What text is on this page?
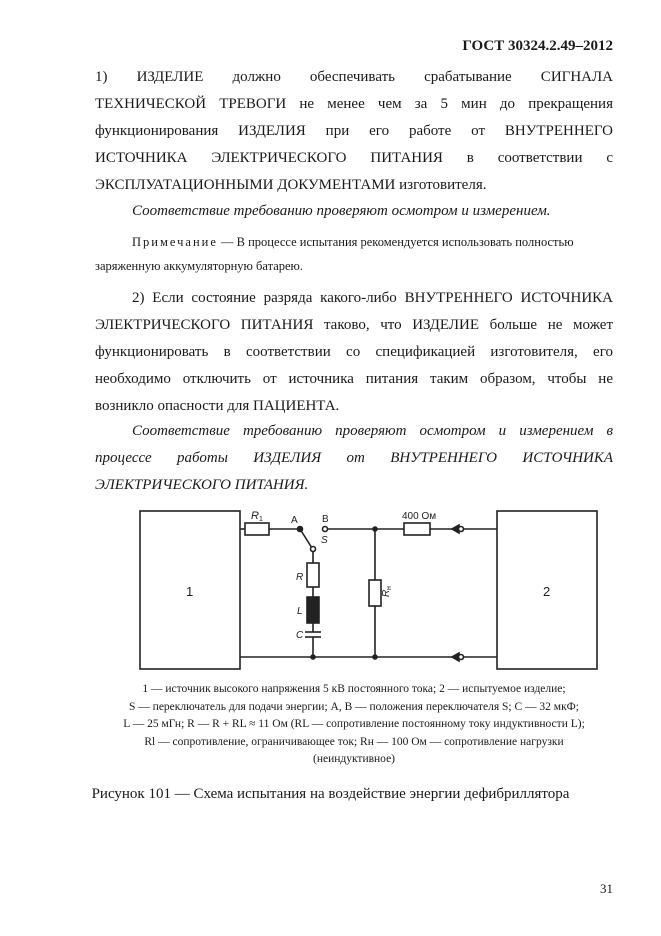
ГОСТ 30324.2.49–2012
1) ИЗДЕЛИЕ должно обеспечивать срабатывание СИГНАЛА
ТЕХНИЧЕСКОЙ ТРЕВОГИ не менее чем за 5 мин до прекращения
функционирования ИЗДЕЛИЯ при его работе от ВНУТРЕННЕГО
ИСТОЧНИКА ЭЛЕКТРИЧЕСКОГО ПИТАНИЯ в соответствии с
ЭКСПЛУАТАЦИОННЫМИ ДОКУМЕНТАМИ изготовителя.
Соответствие требованию проверяют осмотром и измерением.
Примечание — В процессе испытания рекомендуется использовать полностью
заряженную аккумуляторную батарею.
2) Если состояние разряда какого-либо ВНУТРЕННЕГО ИСТОЧНИКА
ЭЛЕКТРИЧЕСКОГО ПИТАНИЯ таково, что ИЗДЕЛИЕ больше не может
функционировать в соответствии со спецификацией изготовителя, его
необходимо отключить от источника питания таким образом, чтобы не
возникло опасности для ПАЦИЕНТА.
Соответствие требованию проверяют осмотром и измерением в
процессе работы ИЗДЕЛИЯ от ВНУТРЕННЕГО ИСТОЧНИКА
ЭЛЕКТРИЧЕСКОГО ПИТАНИЯ.
1	2
R 1	A B
S
R
L
C
R
н
400 Ом
1 — источник высокого напряжения 5 кВ постоянного тока; 2 — испытуемое изделие;
S — переключатель для подачи энергии; A, B — положения переключателя S; C — 32 мкФ;
L — 25 мГн; R — R + RL ≈ 11 Ом (RL — сопротивление постоянному току индуктивности L);
Rl — сопротивление, ограничивающее ток; Rн — 100 Ом — сопротивление нагрузки
(неиндуктивное)
Рисунок 101 — Схема испытания на воздействие энергии дефибриллятора
31
